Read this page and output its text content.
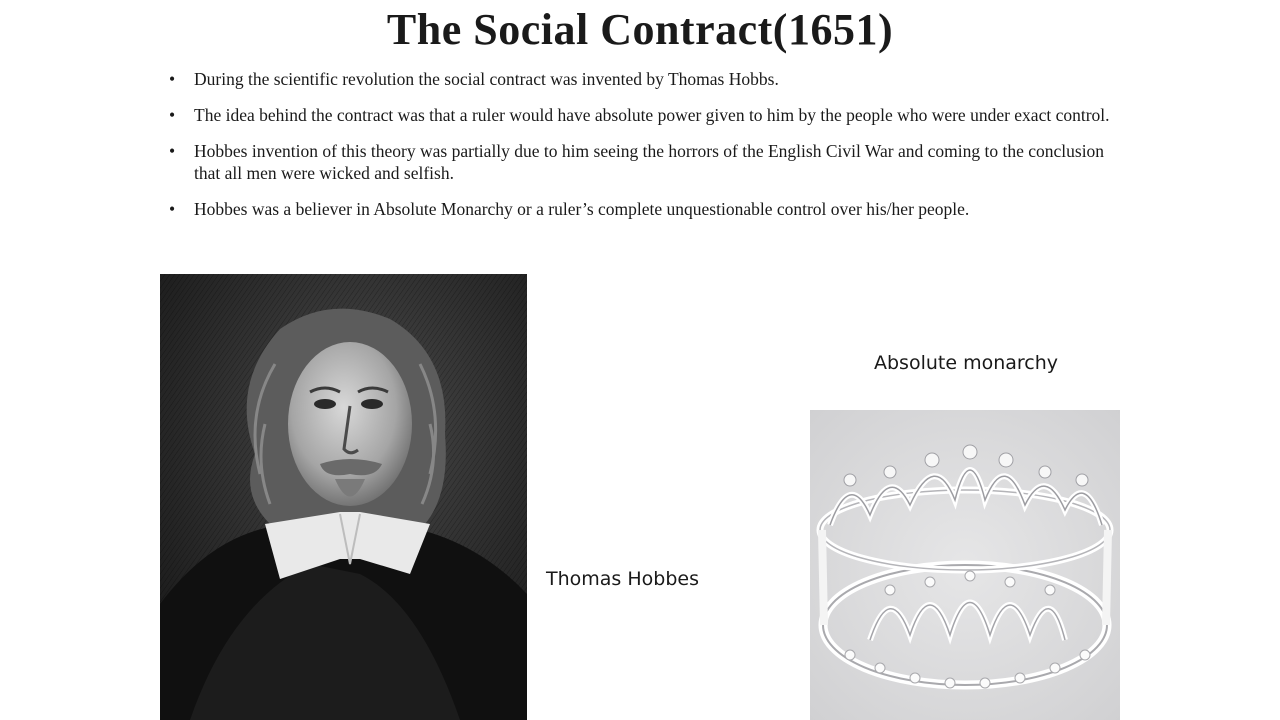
The Social Contract(1651)
• During the scientific revolution the social contract was invented by Thomas Hobbs.
• The idea behind the contract was that a ruler would have absolute power given to him by the people who were under exact control.
• Hobbes invention of this theory was partially due to him seeing the horrors of the English Civil War and coming to the conclusion that all men were wicked and selfish.
• Hobbes was a believer in Absolute Monarchy or a ruler’s complete unquestionable control over his/her people.
Absolute monarchy
Thomas Hobbes
